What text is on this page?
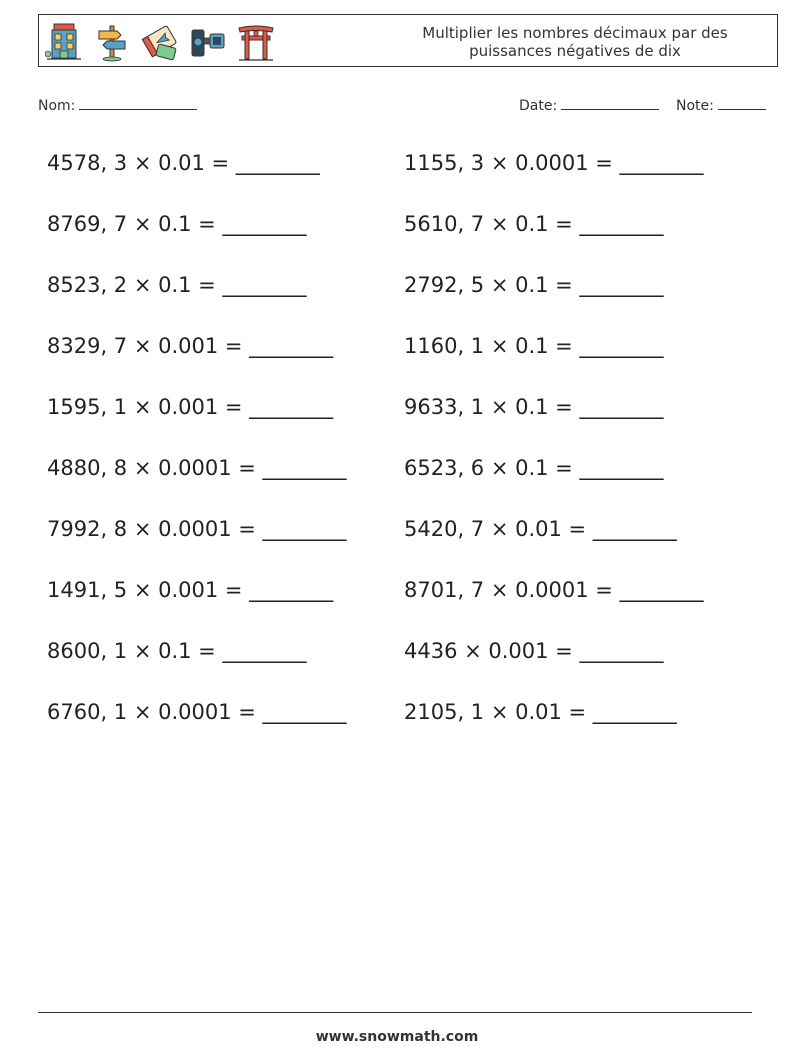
Multiplier les nombres décimaux par des
puissances négatives de dix
Nom:	Date:	Note:
4578, 3 × 0.01 = ________	1155, 3 × 0.0001 = ________
8769, 7 × 0.1 = ________	5610, 7 × 0.1 = ________
8523, 2 × 0.1 = ________	2792, 5 × 0.1 = ________
8329, 7 × 0.001 = ________	1160, 1 × 0.1 = ________
1595, 1 × 0.001 = ________	9633, 1 × 0.1 = ________
4880, 8 × 0.0001 = ________	6523, 6 × 0.1 = ________
7992, 8 × 0.0001 = ________	5420, 7 × 0.01 = ________
1491, 5 × 0.001 = ________	8701, 7 × 0.0001 = ________
8600, 1 × 0.1 = ________	4436 × 0.001 = ________
6760, 1 × 0.0001 = ________	2105, 1 × 0.01 = ________
www.snowmath.com
